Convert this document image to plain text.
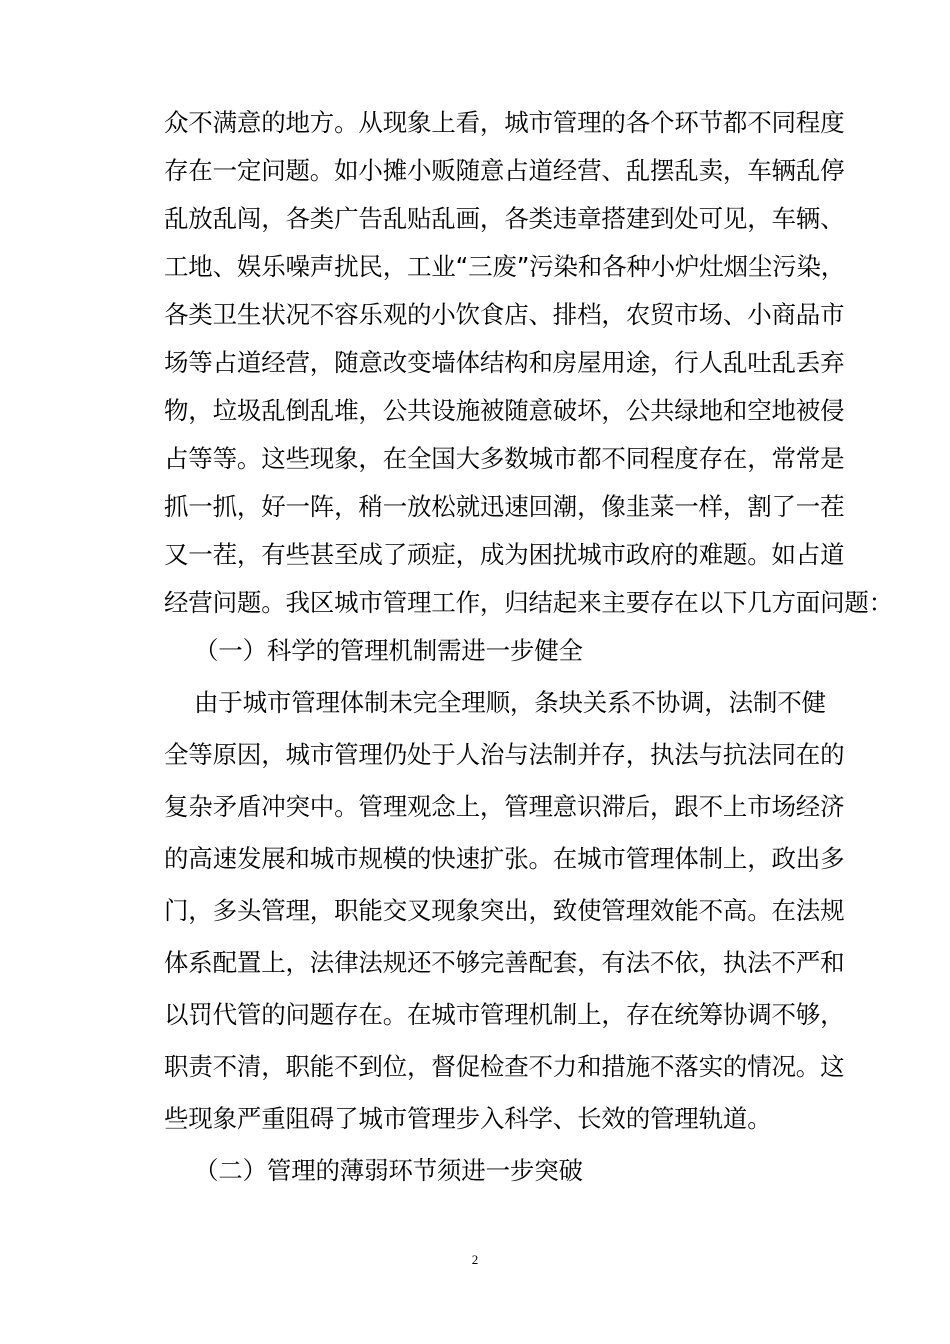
众不满意的地方。从现象上看，城市管理的各个环节都不同程度

存在一定问题。如小摊小贩随意占道经营、乱摆乱卖，车辆乱停

乱放乱闯，各类广告乱贴乱画，各类违章搭建到处可见，车辆、

工地、娱乐噪声扰民，工业“三废”污染和各种小炉灶烟尘污染，

各类卫生状况不容乐观的小饮食店、排档，农贸市场、小商品市

场等占道经营，随意改变墙体结构和房屋用途，行人乱吐乱丢弃

物，垃圾乱倒乱堆，公共设施被随意破坏，公共绿地和空地被侵

占等等。这些现象，在全国大多数城市都不同程度存在，常常是

抓一抓，好一阵，稍一放松就迅速回潮，像韭菜一样，割了一茬

又一茬，有些甚至成了顽症，成为困扰城市政府的难题。如占道

经营问题。我区城市管理工作，归结起来主要存在以下几方面问题：

（一）科学的管理机制需进一步健全

由于城市管理体制未完全理顺，条块关系不协调，法制不健

全等原因，城市管理仍处于人治与法制并存，执法与抗法同在的

复杂矛盾冲突中。管理观念上，管理意识滞后，跟不上市场经济

的高速发展和城市规模的快速扩张。在城市管理体制上，政出多

门，多头管理，职能交叉现象突出，致使管理效能不高。在法规

体系配置上，法律法规还不够完善配套，有法不依，执法不严和

以罚代管的问题存在。在城市管理机制上，存在统筹协调不够，

职责不清，职能不到位，督促检查不力和措施不落实的情况。这

些现象严重阻碍了城市管理步入科学、长效的管理轨道。

（二）管理的薄弱环节须进一步突破

2
